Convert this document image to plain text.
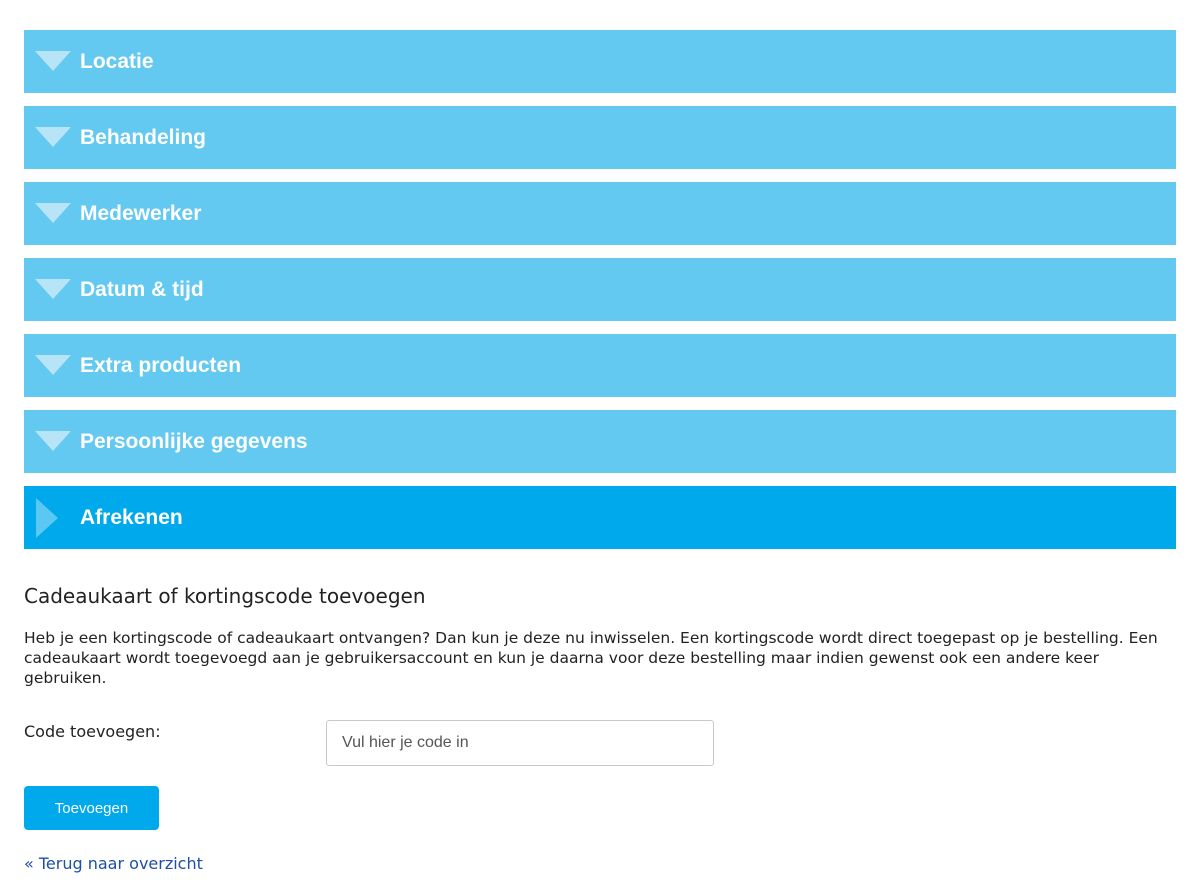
Locatie
Behandeling
Medewerker
Datum & tijd
Extra producten
Persoonlijke gegevens
Afrekenen
Cadeaukaart of kortingscode toevoegen
Heb je een kortingscode of cadeaukaart ontvangen? Dan kun je deze nu inwisselen. Een kortingscode wordt direct toegepast op je bestelling. Een cadeaukaart wordt toegevoegd aan je gebruikersaccount en kun je daarna voor deze bestelling maar indien gewenst ook een andere keer gebruiken.
Code toevoegen:
Vul hier je code in
Toevoegen
« Terug naar overzicht
